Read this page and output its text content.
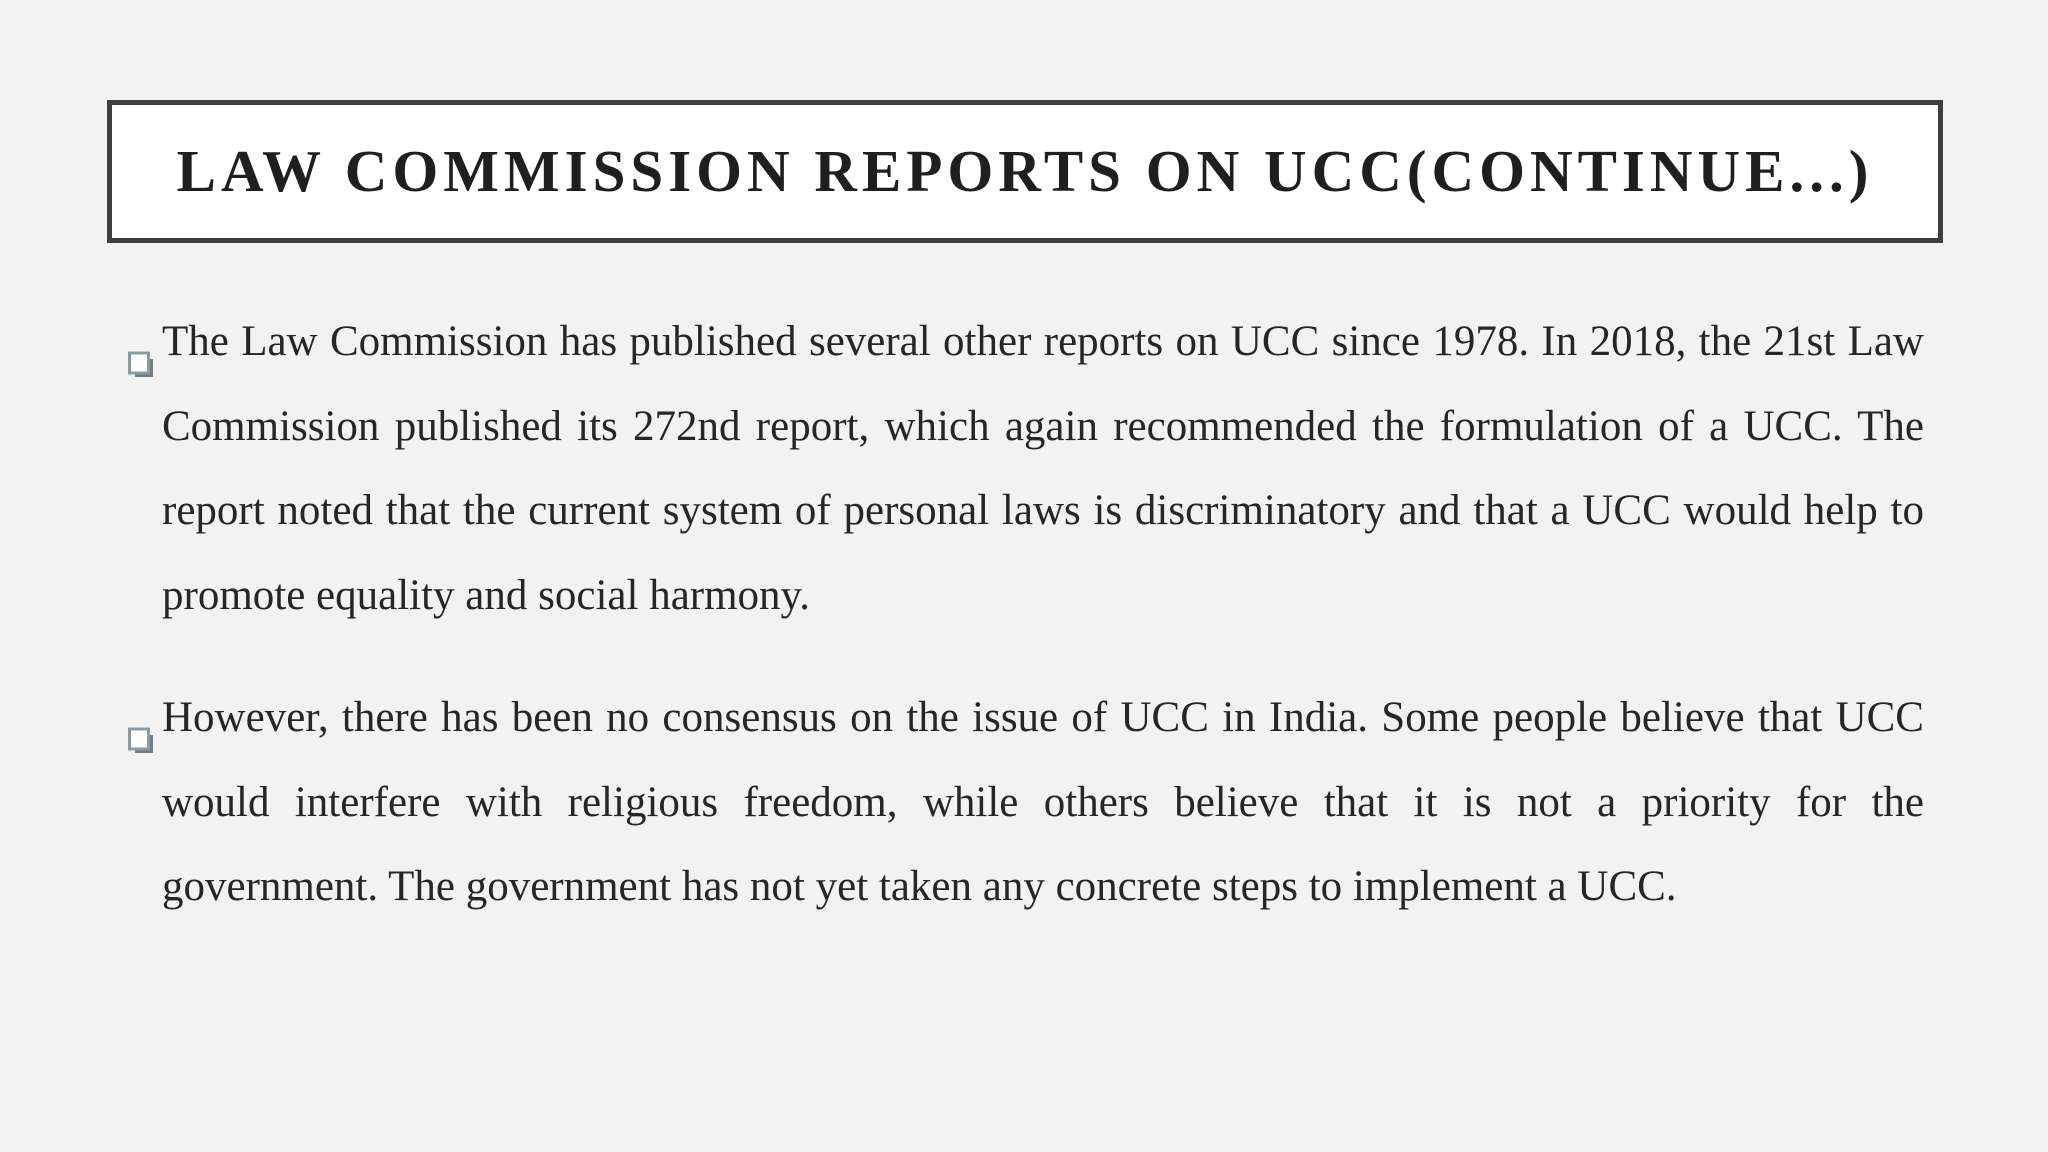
LAW COMMISSION REPORTS ON UCC(CONTINUE...)

The Law Commission has published several other reports on UCC since 1978. In 2018, the 21st Law Commission published its 272nd report, which again recommended the formulation of a UCC. The report noted that the current system of personal laws is discriminatory and that a UCC would help to promote equality and social harmony.

However, there has been no consensus on the issue of UCC in India. Some people believe that UCC would interfere with religious freedom, while others believe that it is not a priority for the government. The government has not yet taken any concrete steps to implement a UCC.
